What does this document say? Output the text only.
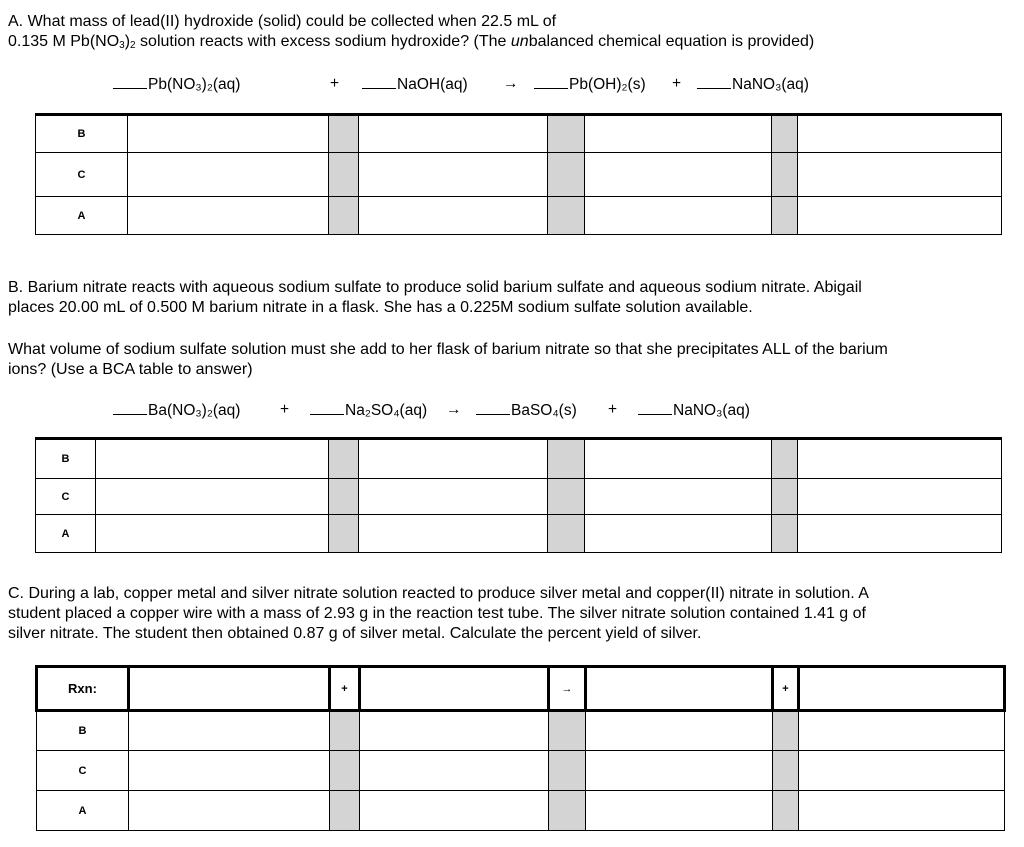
A. What mass of lead(II) hydroxide (solid) could be collected when 22.5 mL of
0.135 M $Pb(NO_3)_2$ solution reacts with excess sodium hydroxide? (The unbalanced chemical equation is provided)

Pb(NO₃)₂(aq)	+	NaOH(aq) →	Pb(OH)₂(s) +	NaNO₃(aq)
B							
C							
A							

B. Barium nitrate reacts with aqueous sodium sulfate to produce solid barium sulfate and aqueous sodium nitrate. Abigail
places 20.00 mL of 0.500 M barium nitrate in a flask. She has a 0.225M sodium sulfate solution available.

What volume of sodium sulfate solution must she add to her flask of barium nitrate so that she precipitates ALL of the barium
ions? (Use a BCA table to answer)

Ba(NO₃)₂(aq)	+	Na₂SO₄(aq) →	BaSO₄(s) +	NaNO₃(aq)
B							
C							
A							

C. During a lab, copper metal and silver nitrate solution reacted to produce silver metal and copper(II) nitrate in solution. A
student placed a copper wire with a mass of 2.93 g in the reaction test tube. The silver nitrate solution contained 1.41 g of
silver nitrate. The student then obtained 0.87 g of silver metal. Calculate the percent yield of silver.

Rxn:		+		→		+	
B							
C							
A							
